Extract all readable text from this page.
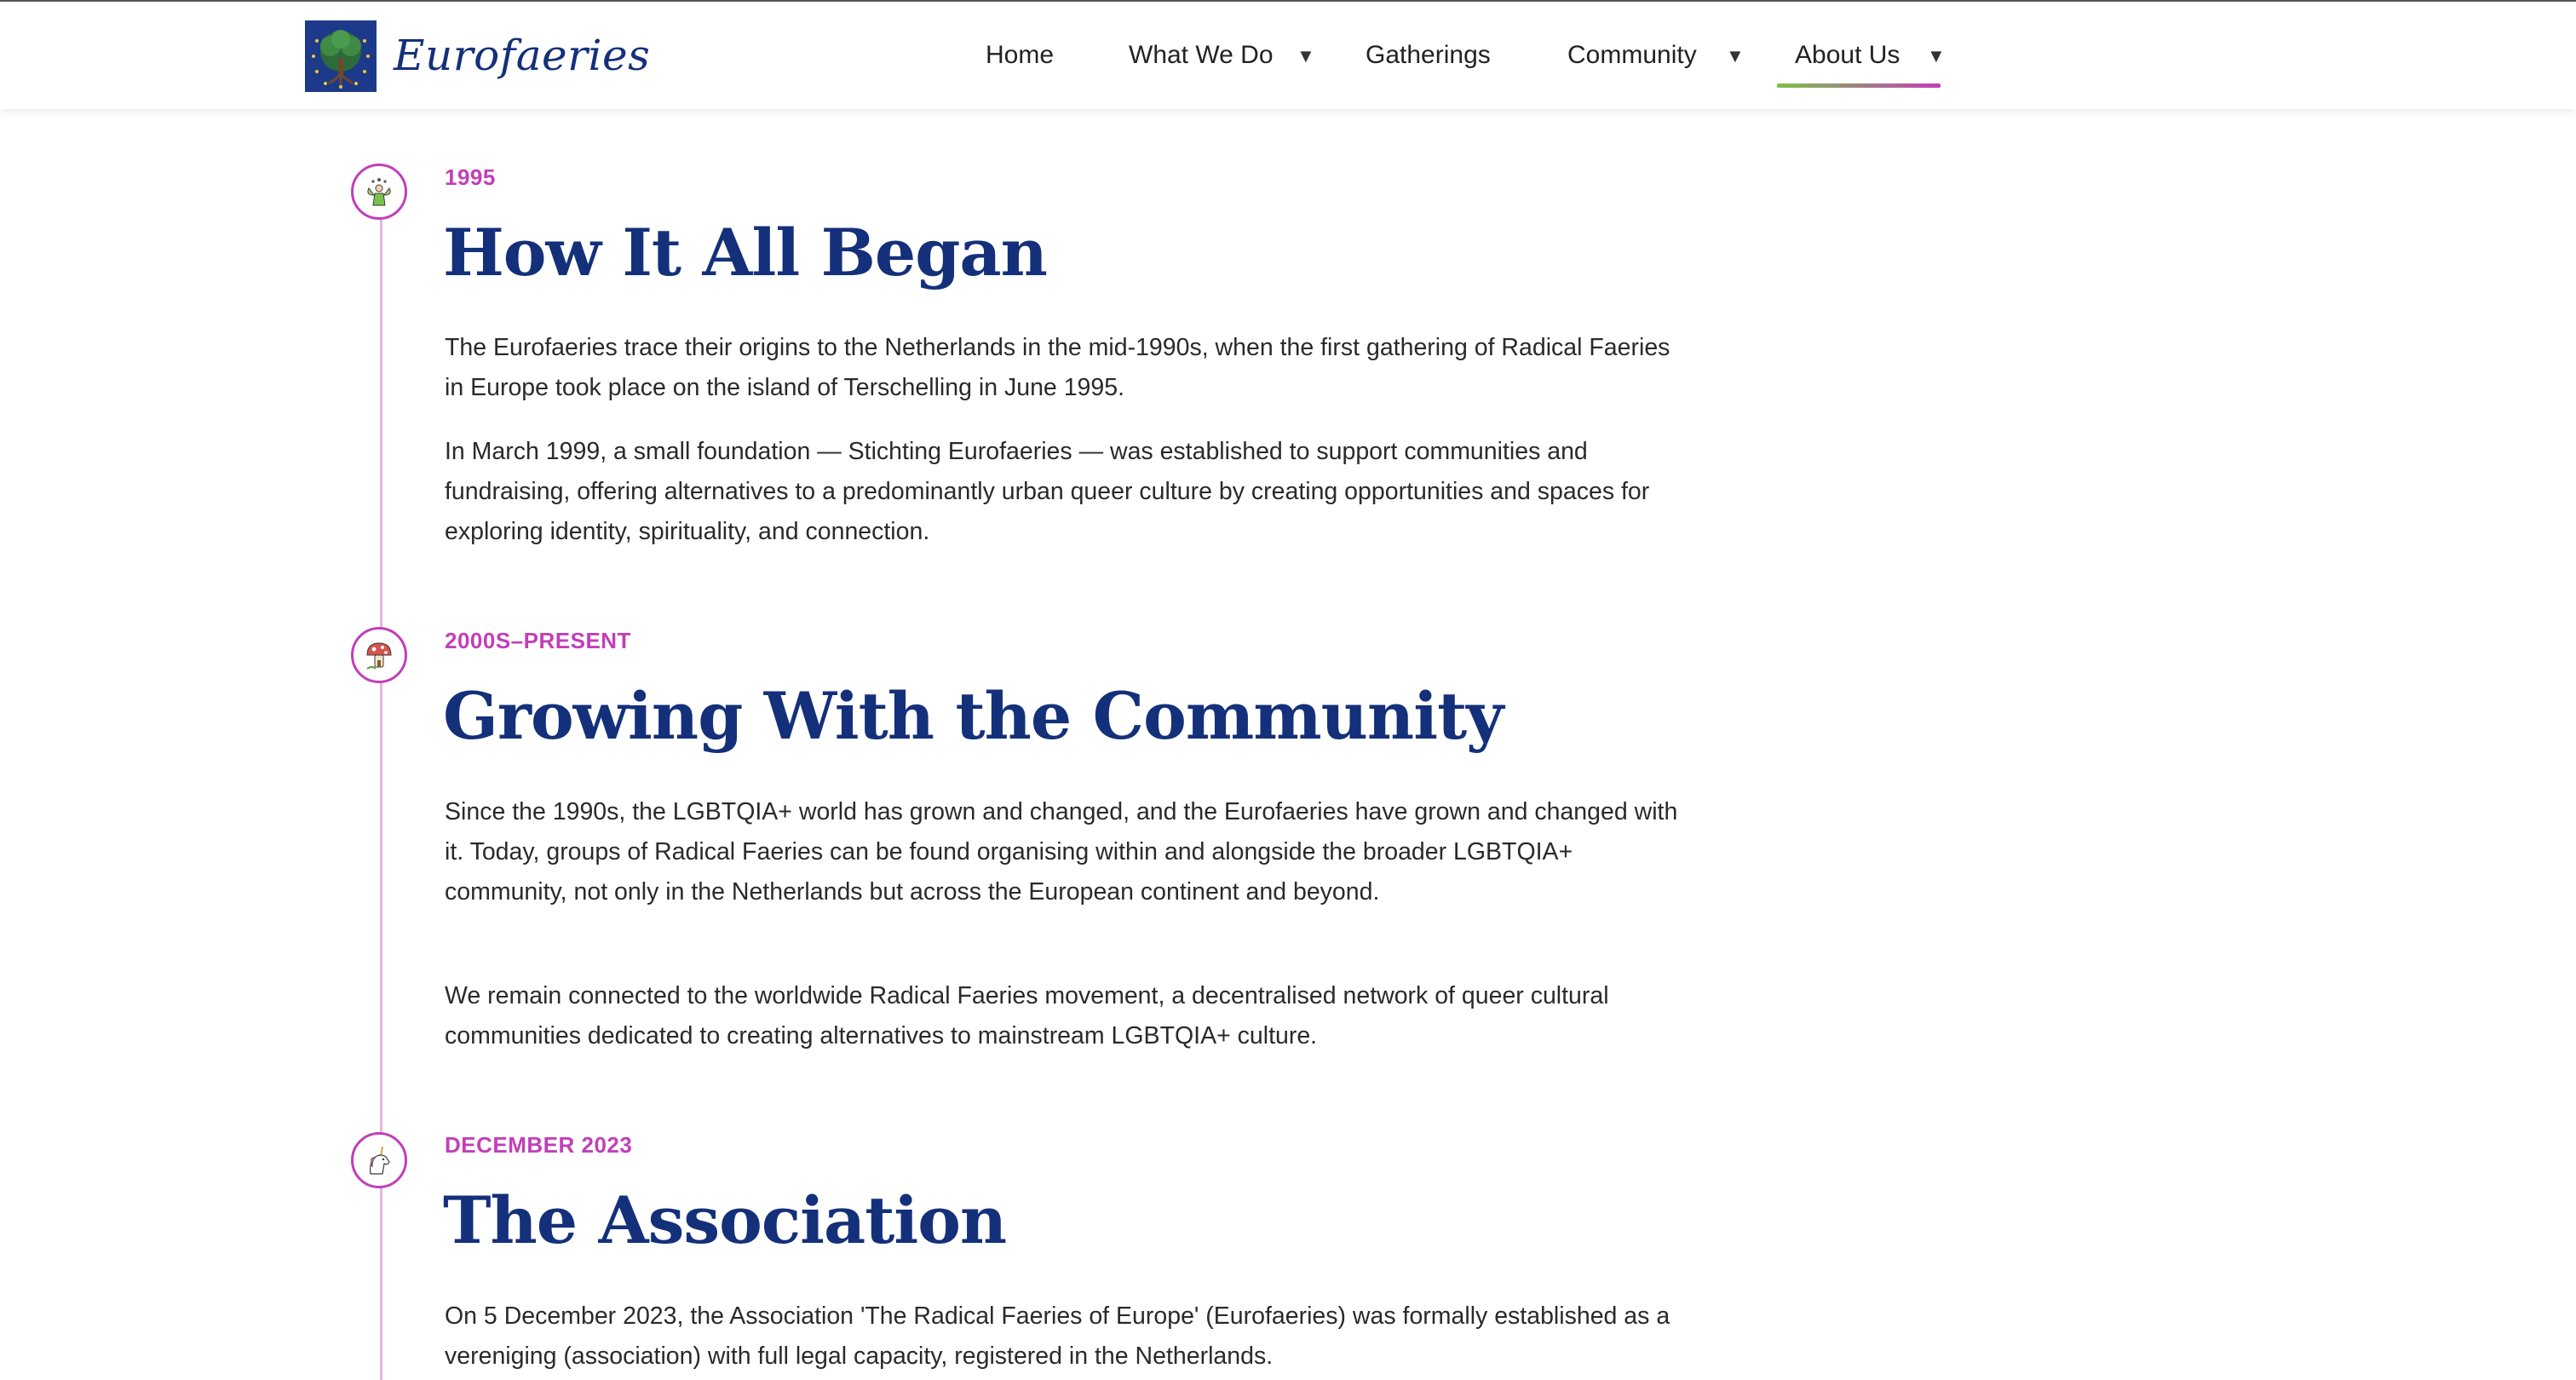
Eurofaeries	Home	What We Do ▼ Gatherings	Community ▼ About Us ▼
1995
How It All Began
The Eurofaeries trace their origins to the Netherlands in the mid-1990s, when the first gathering of Radical Faeries in Europe took place on the island of Terschelling in June 1995.
In March 1999, a small foundation — Stichting Eurofaeries — was established to support communities and fundraising, offering alternatives to a predominantly urban queer culture by creating opportunities and spaces for exploring identity, spirituality, and connection.
2000S–PRESENT
Growing With the Community
Since the 1990s, the LGBTQIA+ world has grown and changed, and the Eurofaeries have grown and changed with it. Today, groups of Radical Faeries can be found organising within and alongside the broader LGBTQIA+ community, not only in the Netherlands but across the European continent and beyond.
We remain connected to the worldwide Radical Faeries movement, a decentralised network of queer cultural communities dedicated to creating alternatives to mainstream LGBTQIA+ culture.
DECEMBER 2023
The Association
On 5 December 2023, the Association 'The Radical Faeries of Europe' (Eurofaeries) was formally established as a vereniging (association) with full legal capacity, registered in the Netherlands.
